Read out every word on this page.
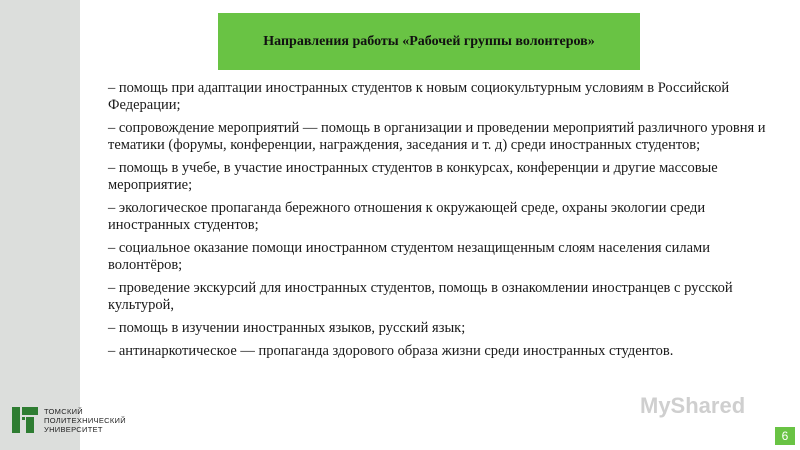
Направления работы «Рабочей группы волонтеров»

– помощь при адаптации иностранных студентов к новым социокультурным условиям в Российской Федерации;

– сопровождение мероприятий — помощь в организации и проведении мероприятий различного уровня и тематики (форумы, конференции, награждения, заседания и т. д) среди иностранных студентов;

– помощь в учебе, в участие иностранных студентов в конкурсах, конференции и другие массовые мероприятие;

– экологическое пропаганда бережного отношения к окружающей среде, охраны экологии среди иностранных студентов;

– социальное оказание помощи иностранном студентом незащищенным слоям населения силами волонтёров;

– проведение экскурсий для иностранных студентов, помощь в ознакомлении иностранцев с русской культурой,

– помощь в изучении иностранных языков, русский язык;

– антинаркотическое — пропаганда здорового образа жизни среди иностранных студентов.

MyShared
ТОМСКИЙ
ПОЛИТЕХНИЧЕСКИЙ
УНИВЕРСИТЕТ	6
